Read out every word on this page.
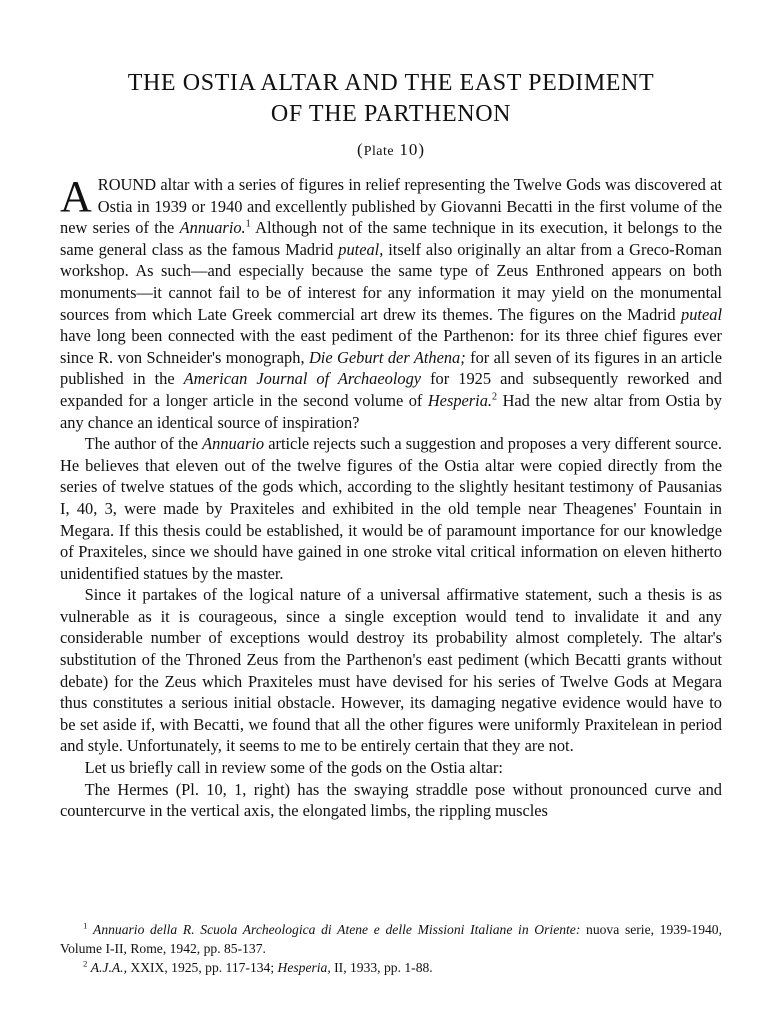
THE OSTIA ALTAR AND THE EAST PEDIMENT
OF THE PARTHENON
(Plate 10)

AROUND altar with a series of figures in relief representing the Twelve Gods was discovered at Ostia in 1939 or 1940 and excellently published by Giovanni Becatti in the first volume of the new series of the Annuario.$^1$ Although not of the same technique in its execution, it belongs to the same general class as the famous Madrid puteal, itself also originally an altar from a Greco-Roman workshop. As such—and especially because the same type of Zeus Enthroned appears on both monuments—it cannot fail to be of interest for any information it may yield on the monumental sources from which Late Greek commercial art drew its themes. The figures on the Madrid puteal have long been connected with the east pediment of the Parthenon: for its three chief figures ever since R. von Schneider's monograph, Die Geburt der Athena; for all seven of its figures in an article published in the American Journal of Archaeology for 1925 and subsequently reworked and expanded for a longer article in the second volume of Hesperia.$^2$ Had the new altar from Ostia by any chance an identical source of inspiration?

The author of the Annuario article rejects such a suggestion and proposes a very different source. He believes that eleven out of the twelve figures of the Ostia altar were copied directly from the series of twelve statues of the gods which, according to the slightly hesitant testimony of Pausanias I, 40, 3, were made by Praxiteles and exhibited in the old temple near Theagenes' Fountain in Megara. If this thesis could be established, it would be of paramount importance for our knowledge of Praxiteles, since we should have gained in one stroke vital critical information on eleven hitherto unidentified statues by the master.

Since it partakes of the logical nature of a universal affirmative statement, such a thesis is as vulnerable as it is courageous, since a single exception would tend to invalidate it and any considerable number of exceptions would destroy its probability almost completely. The altar's substitution of the Throned Zeus from the Parthenon's east pediment (which Becatti grants without debate) for the Zeus which Praxiteles must have devised for his series of Twelve Gods at Megara thus constitutes a serious initial obstacle. However, its damaging negative evidence would have to be set aside if, with Becatti, we found that all the other figures were uniformly Praxitelean in period and style. Unfortunately, it seems to me to be entirely certain that they are not.

Let us briefly call in review some of the gods on the Ostia altar:

The Hermes (Pl. 10, 1, right) has the swaying straddle pose without pronounced curve and countercurve in the vertical axis, the elongated limbs, the rippling muscles

$^1$ Annuario della R. Scuola Archeologica di Atene e delle Missioni Italiane in Oriente: nuova serie, 1939-1940, Volume I-II, Rome, 1942, pp. 85-137.

$^2$ A.J.A., XXIX, 1925, pp. 117-134; Hesperia, II, 1933, pp. 1-88.
